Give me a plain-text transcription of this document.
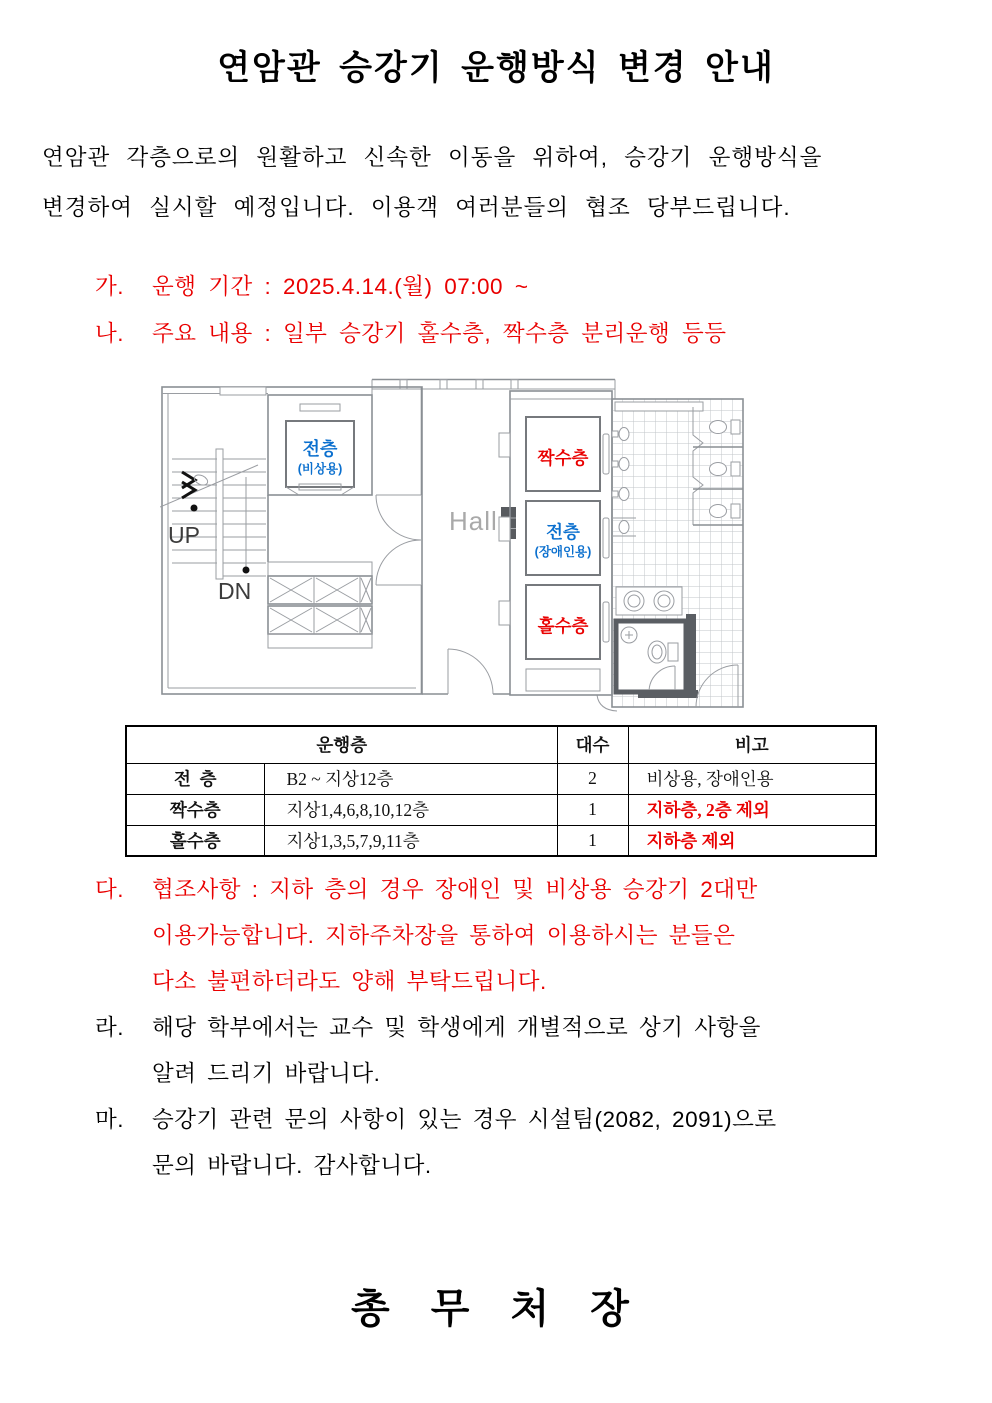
연암관 승강기 운행방식 변경 안내
연암관 각층으로의 원활하고 신속한 이동을 위하여, 승강기 운행방식을
변경하여 실시할 예정입니다. 이용객 여러분들의 협조 당부드립니다.
가.	운행 기간 : 2025.4.14.(월) 07:00 ~
나.	주요 내용 : 일부 승강기 홀수층, 짝수층 분리운행 등등
UP
DN
전층
(비상용)
Hall
짝수층
전층
(장애인용)
홀수층
운행층		대수	비고
전  층	B2 ~ 지상12층	2	비상용, 장애인용
짝수층	지상1,4,6,8,10,12층	1	지하층, 2층 제외
홀수층	지상1,3,5,7,9,11층	1	지하층 제외
다.	협조사항 : 지하 층의 경우 장애인 및 비상용 승강기 2대만
이용가능합니다. 지하주차장을 통하여 이용하시는 분들은
다소 불편하더라도 양해 부탁드립니다.
라.	해당 학부에서는 교수 및 학생에게 개별적으로 상기 사항을
알려 드리기 바랍니다.
마.	승강기 관련 문의 사항이 있는 경우 시설팀(2082, 2091)으로
문의 바랍니다. 감사합니다.
총 무 처 장
